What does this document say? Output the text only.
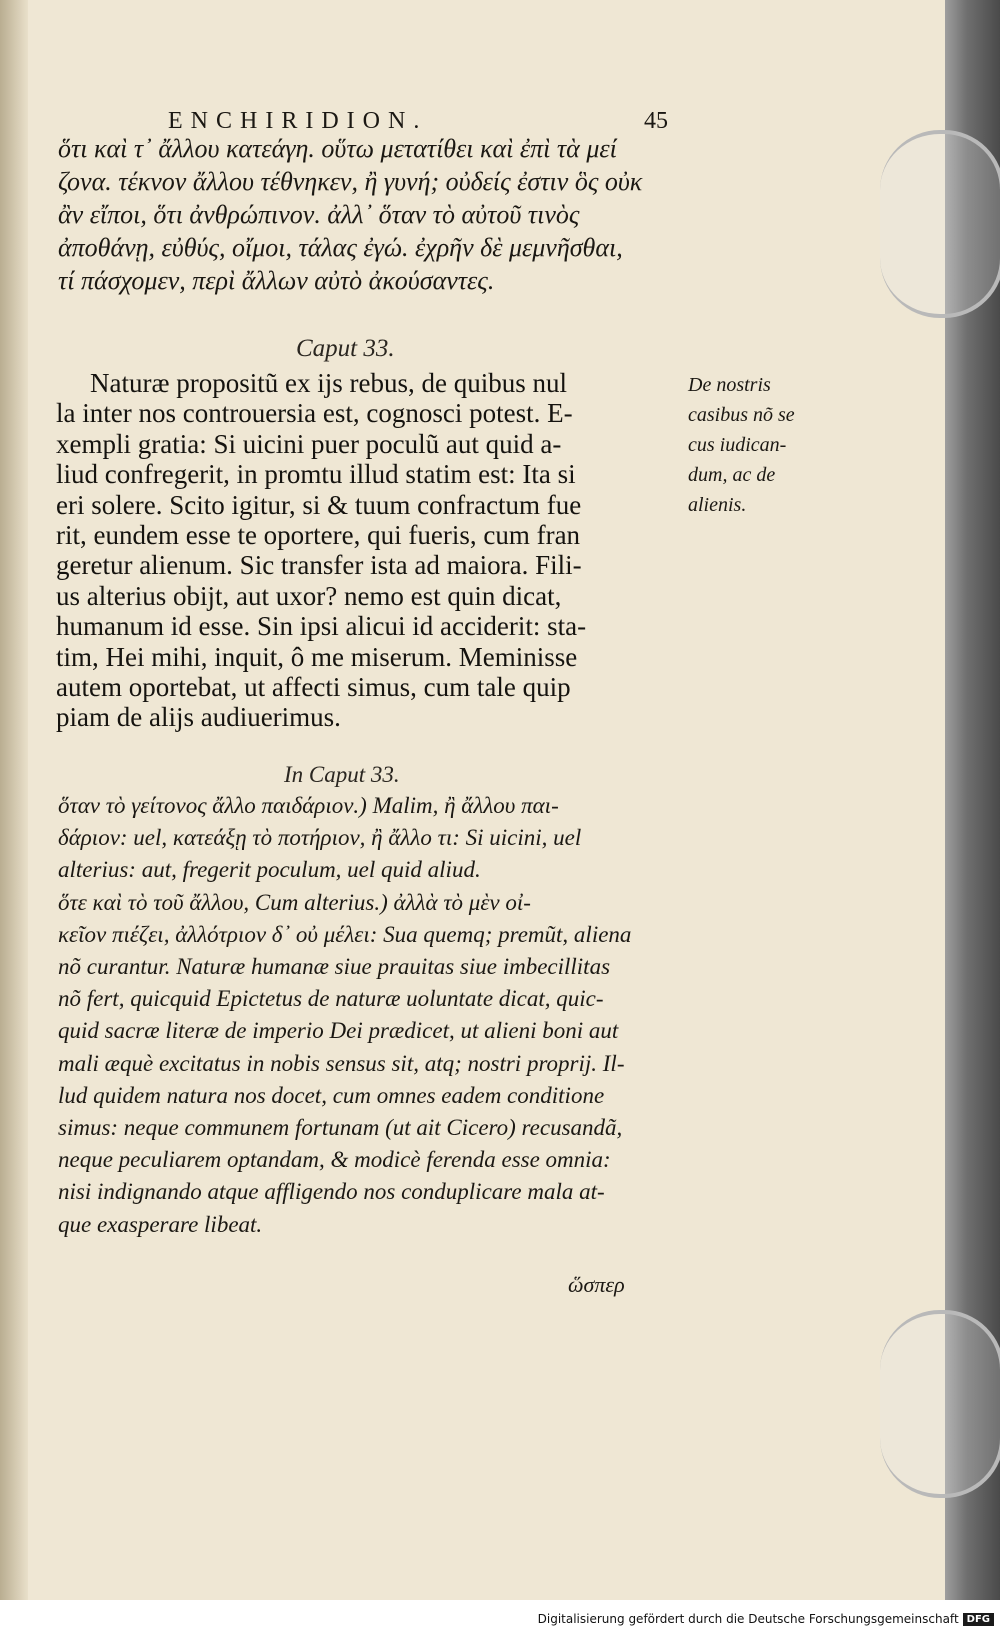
ENCHIRIDION.	45
ὅτι καὶ τ᾽ ἄλλου κατεάγη. οὕτω μετατίθει καὶ ἐπὶ τὰ μεί
ζονα. τέκνον ἄλλου τέθνηκεν, ἢ γυνή; οὐδείς ἐστιν ὃς οὐκ
ἂν εἴποι, ὅτι ἀνθρώπινον. ἀλλ᾽ ὅταν τὸ αὐτοῦ τινὸς
ἀποθάνῃ, εὐθύς, οἴμοι, τάλας ἐγώ. ἐχρῆν δὲ μεμνῆσθαι,
τί πάσχομεν, περὶ ἄλλων αὐτὸ ἀκούσαντες.
Caput 33.
Naturæ propositũ ex ijs rebus, de quibus nul
la inter nos controuersia est, cognosci potest. E-
xempli gratia: Si uicini puer poculũ aut quid a-
liud confregerit, in promtu illud statim est: Ita si
eri solere. Scito igitur, si & tuum confractum fue
rit, eundem esse te oportere, qui fueris, cum fran
geretur alienum. Sic transfer ista ad maiora. Fili-
us alterius obijt, aut uxor? nemo est quin dicat,
humanum id esse. Sin ipsi alicui id acciderit: sta-
tim, Hei mihi, inquit, ô me miserum. Meminisse
autem oportebat, ut affecti simus, cum tale quip
piam de alijs audiuerimus.
De nostris
casibus nõ se
cus iudican-
dum, ac de
alienis.
In Caput 33.
ὅταν τὸ γείτονος ἄλλο παιδάριον.) Malim, ἢ ἄλλου παι-
δάριον: uel, κατεάξῃ τὸ ποτήριον, ἢ ἄλλο τι: Si uicini, uel
alterius: aut, fregerit poculum, uel quid aliud.
ὅτε καὶ τὸ τοῦ ἄλλου, Cum alterius.) ἀλλὰ τὸ μὲν οἰ-
κεῖον πιέζει, ἀλλότριον δ᾽ οὐ μέλει: Sua quemq; premũt, aliena
nõ curantur. Naturæ humanæ siue prauitas siue imbecillitas
nõ fert, quicquid Epictetus de naturæ uoluntate dicat, quic-
quid sacræ literæ de imperio Dei prædicet, ut alieni boni aut
mali æquè excitatus in nobis sensus sit, atq; nostri proprij. Il-
lud quidem natura nos docet, cum omnes eadem conditione
simus: neque communem fortunam (ut ait Cicero) recusandã,
neque peculiarem optandam, & modicè ferenda esse omnia:
nisi indignando atque affligendo nos conduplicare mala at-
que exasperare libeat.
ὥσπερ
Digitalisierung gefördert durch die Deutsche Forschungsgemeinschaft DFG
